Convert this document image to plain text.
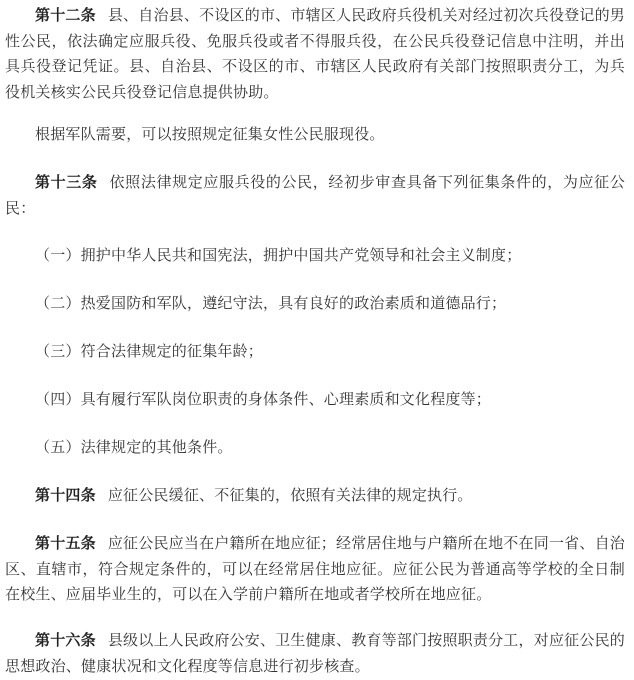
第十二条 县、自治县、不设区的市、市辖区人民政府兵役机关对经过初次兵役登记的男性公民，依法确定应服兵役、免服兵役或者不得服兵役，在公民兵役登记信息中注明，并出具兵役登记凭证。县、自治县、不设区的市、市辖区人民政府有关部门按照职责分工，为兵役机关核实公民兵役登记信息提供协助。

根据军队需要，可以按照规定征集女性公民服现役。

第十三条 依照法律规定应服兵役的公民，经初步审查具备下列征集条件的，为应征公民：

（一）拥护中华人民共和国宪法，拥护中国共产党领导和社会主义制度；

（二）热爱国防和军队，遵纪守法，具有良好的政治素质和道德品行；

（三）符合法律规定的征集年龄；

（四）具有履行军队岗位职责的身体条件、心理素质和文化程度等；

（五）法律规定的其他条件。

第十四条 应征公民缓征、不征集的，依照有关法律的规定执行。

第十五条 应征公民应当在户籍所在地应征；经常居住地与户籍所在地不在同一省、自治区、直辖市，符合规定条件的，可以在经常居住地应征。应征公民为普通高等学校的全日制在校生、应届毕业生的，可以在入学前户籍所在地或者学校所在地应征。

第十六条 县级以上人民政府公安、卫生健康、教育等部门按照职责分工，对应征公民的思想政治、健康状况和文化程度等信息进行初步核查。
